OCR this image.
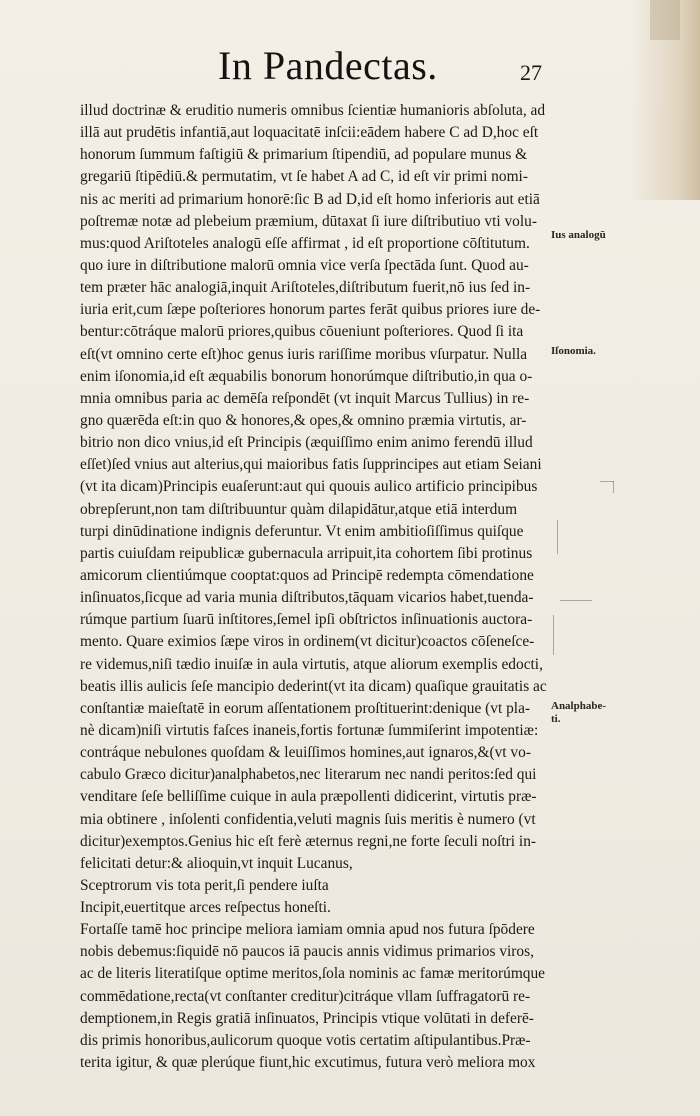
In Pandectas.	27
illud doctrinæ & eruditio numeris omnibus ſcientiæ humanioris abſoluta, ad
illā aut prudētis infantiā,aut loquacitatē inſcii:eādem habere C ad D,hoc eſt
honorum ſummum faſtigiū & primarium ſtipendiū, ad populare munus &
gregariū ſtipēdiū.& permutatim, vt ſe habet A ad C, id eſt vir primi nomi-
nis ac meriti ad primarium honorē:ſic B ad D,id eſt homo inferioris aut etiā
poſtremæ notæ ad plebeium præmium, dūtaxat ſi iure diſtributiuo vti volu-
mus:quod Ariſtoteles analogū eſſe affirmat , id eſt proportione cōſtitutum.
quo iure in diſtributione malorū omnia vice verſa ſpectāda ſunt. Quod au-
tem præter hāc analogiā,inquit Ariſtoteles,diſtributum fuerit,nō ius ſed in-
iuria erit,cum ſæpe poſteriores honorum partes ferāt quibus priores iure de-
bentur:cōtráque malorū priores,quibus cōueniunt poſteriores. Quod ſi ita
eſt(vt omnino certe eſt)hoc genus iuris rariſſime moribus vſurpatur. Nulla
enim iſonomia,id eſt æquabilis bonorum honorúmque diſtributio,in qua o-
mnia omnibus paria ac demēſa reſpondēt (vt inquit Marcus Tullius) in re-
gno quærēda eſt:in quo & honores,& opes,& omnino præmia virtutis, ar-
bitrio non dico vnius,id eſt Principis (æquiſſimo enim animo ferendū illud
eſſet)ſed vnius aut alterius,qui maioribus fatis ſupprincipes aut etiam Seiani
(vt ita dicam)Principis euaſerunt:aut qui quouis aulico artificio principibus
obrepſerunt,non tam diſtribuuntur quàm dilapidātur,atque etiā interdum
turpi dinūdinatione indignis deferuntur. Vt enim ambitioſiſſimus quiſque
partis cuiuſdam reipublicæ gubernacula arripuit,ita cohortem ſibi protinus
amicorum clientiúmque cooptat:quos ad Principē redempta cōmendatione
inſinuatos,ſicque ad varia munia diſtributos,tāquam vicarios habet,tuenda-
rúmque partium ſuarū inſtitores,ſemel ipſi obſtrictos inſinuationis auctora-
mento. Quare eximios ſæpe viros in ordinem(vt dicitur)coactos cōſeneſce-
re videmus,niſi tædio inuiſæ in aula virtutis, atque aliorum exemplis edocti,
beatis illis aulicis ſeſe mancipio dederint(vt ita dicam) quaſique grauitatis ac
conſtantiæ maieſtatē in eorum aſſentationem proſtituerint:denique (vt pla-
nè dicam)niſi virtutis faſces inaneis,fortis fortunæ ſummiſerint impotentiæ:
contráque nebulones quoſdam & leuiſſimos homines,aut ignaros,&(vt vo-
cabulo Græco dicitur)analphabetos,nec literarum nec nandi peritos:ſed qui
venditare ſeſe belliſſime cuique in aula præpollenti didicerint, virtutis præ-
mia obtinere , inſolenti confidentia,veluti magnis ſuis meritis è numero (vt
dicitur)exemptos.Genius hic eſt ferè æternus regni,ne forte ſeculi noſtri in-
felicitati detur:& alioquin,vt inquit Lucanus,
Sceptrorum vis tota perit,ſi pendere iuſta
Incipit,euertitque arces reſpectus honeſti.
Fortaſſe tamē hoc principe meliora iamiam omnia apud nos futura ſpōdere
nobis debemus:ſiquidē nō paucos iā paucis annis vidimus primarios viros,
ac de literis literatiſque optime meritos,ſola nominis ac famæ meritorúmque
commēdatione,recta(vt conſtanter creditur)citráque vllam ſuffragatorū re-
demptionem,in Regis gratiā inſinuatos, Principis vtique volūtati in deferē-
dis primis honoribus,aulicorum quoque votis certatim aſtipulantibus.Præ-
terita igitur, & quæ plerúque fiunt,hic excutimus, futura verò meliora mox
Ius analogū
Iſonomia.
Analphabe-
ti.
